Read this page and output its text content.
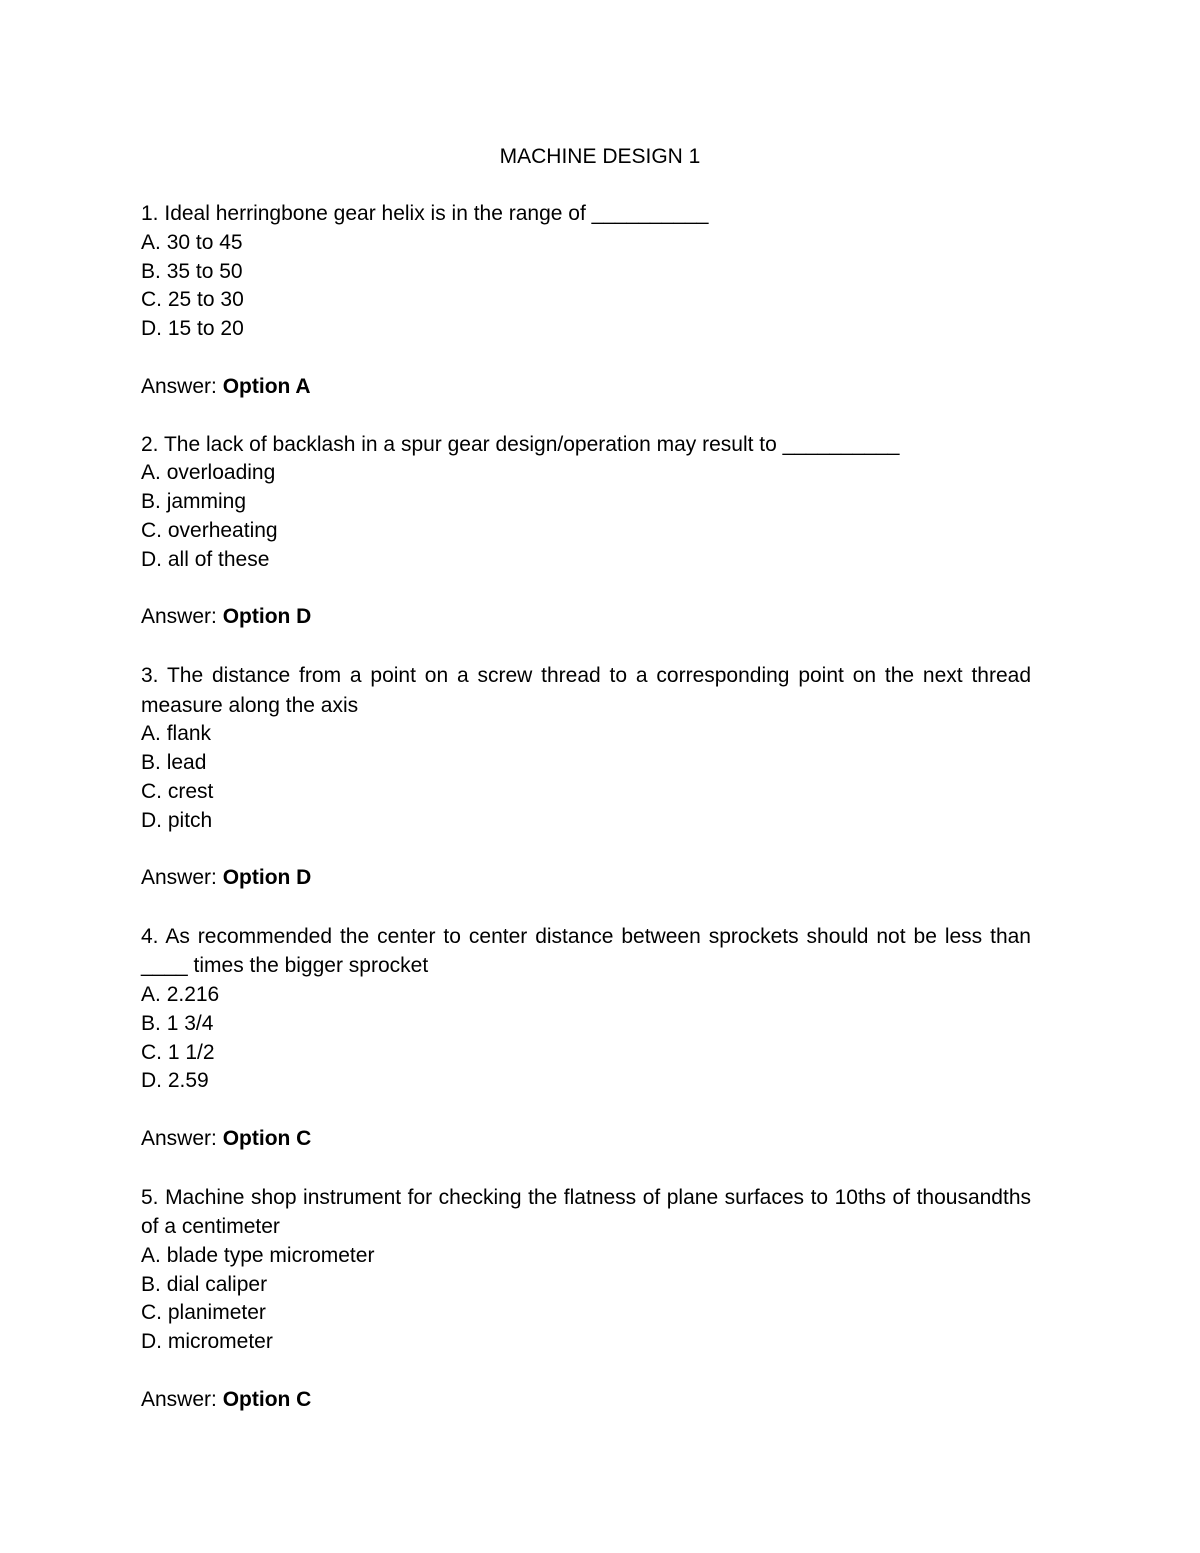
MACHINE DESIGN 1
1. Ideal herringbone gear helix is in the range of __________
A. 30 to 45
B. 35 to 50
C. 25 to 30
D. 15 to 20
Answer: Option A
2. The lack of backlash in a spur gear design/operation may result to __________
A. overloading
B. jamming
C. overheating
D. all of these
Answer: Option D
3. The distance from a point on a screw thread to a corresponding point on the next thread measure along the axis
A. flank
B. lead
C. crest
D. pitch
Answer: Option D
4. As recommended the center to center distance between sprockets should not be less than ____ times the bigger sprocket
A. 2.216
B. 1 3/4
C. 1 1/2
D. 2.59
Answer: Option C
5. Machine shop instrument for checking the flatness of plane surfaces to 10ths of thousandths of a centimeter
A. blade type micrometer
B. dial caliper
C. planimeter
D. micrometer
Answer: Option C
